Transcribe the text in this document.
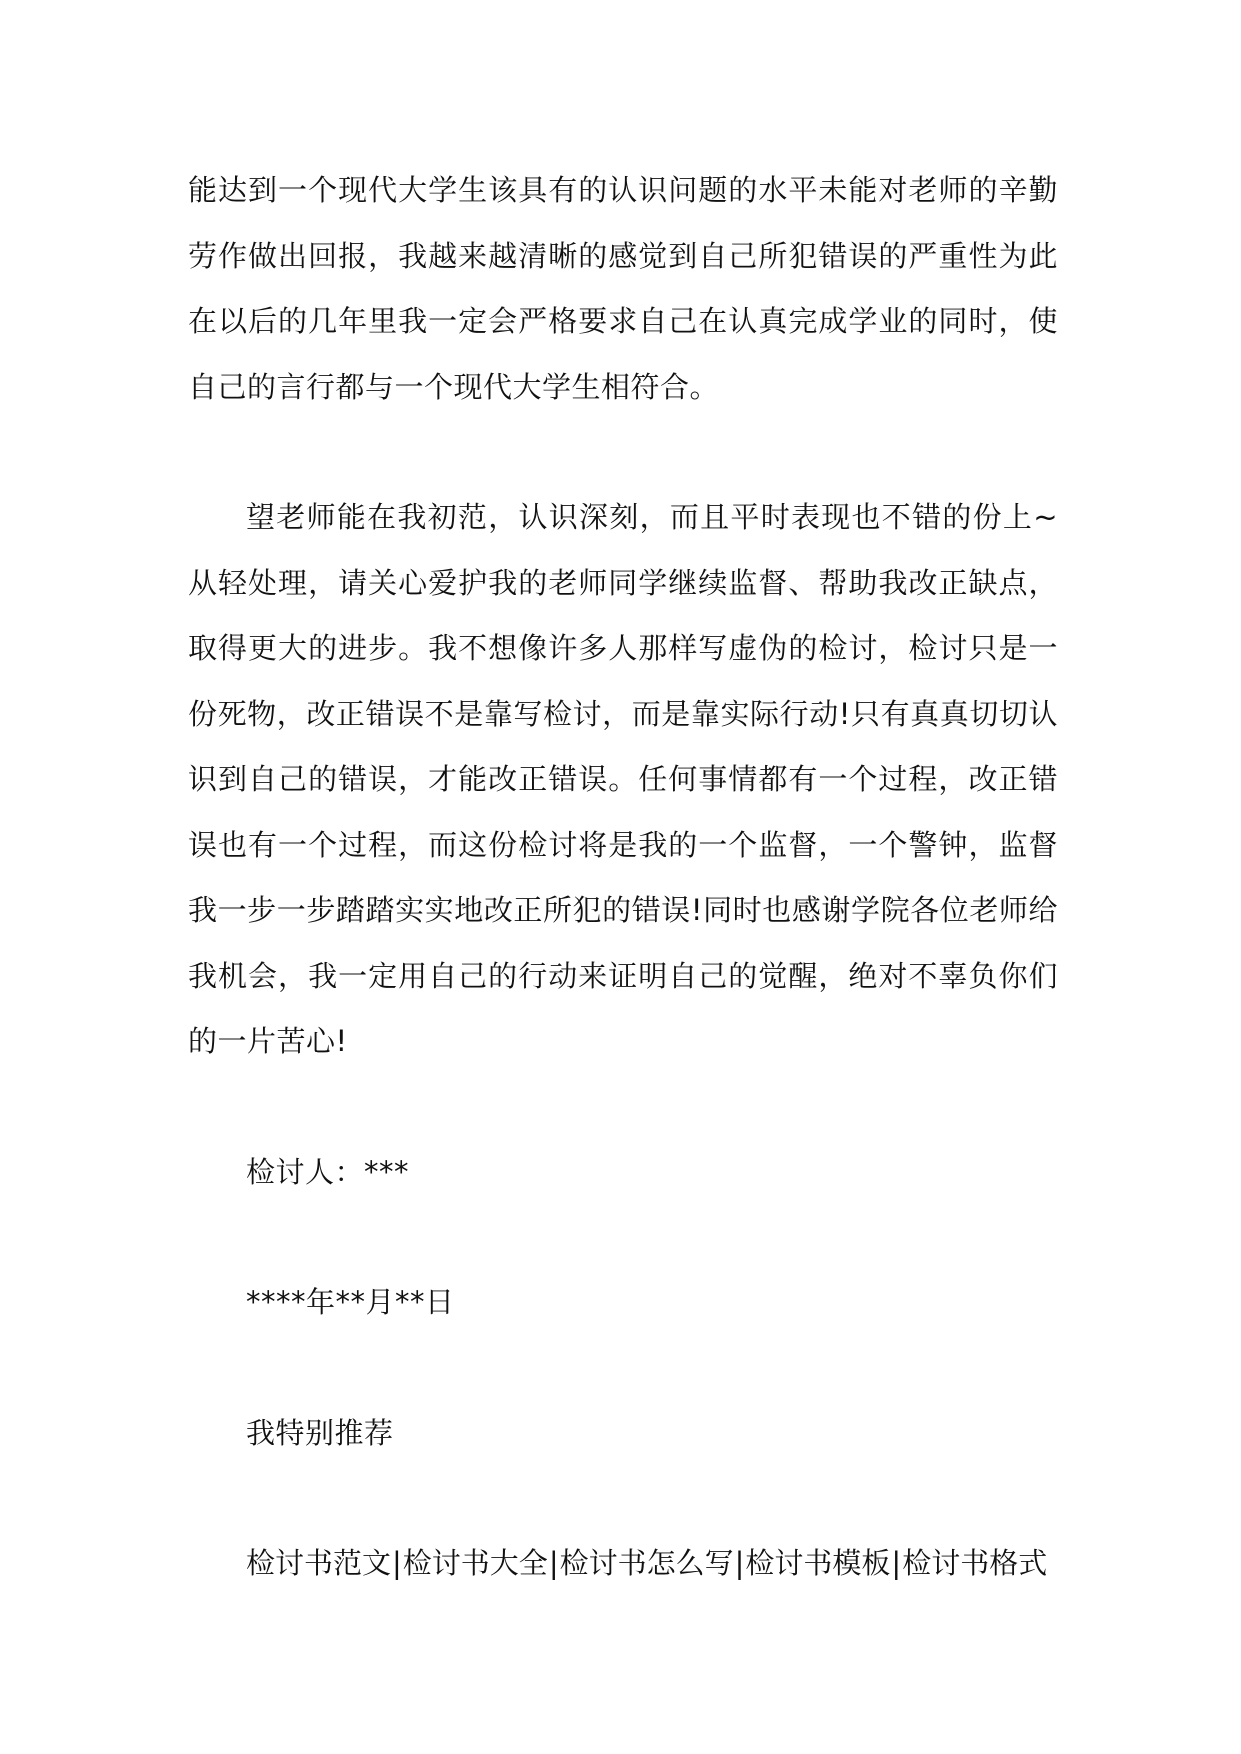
能达到一个现代大学生该具有的认识问题的水平未能对老师的辛勤劳作做出回报，我越来越清晰的感觉到自己所犯错误的严重性为此在以后的几年里我一定会严格要求自己在认真完成学业的同时，使自己的言行都与一个现代大学生相符合。

望老师能在我初范，认识深刻，而且平时表现也不错的份上~从轻处理，请关心爱护我的老师同学继续监督、帮助我改正缺点，取得更大的进步。我不想像许多人那样写虚伪的检讨，检讨只是一份死物，改正错误不是靠写检讨，而是靠实际行动!只有真真切切认识到自己的错误，才能改正错误。任何事情都有一个过程，改正错误也有一个过程，而这份检讨将是我的一个监督，一个警钟，监督我一步一步踏踏实实地改正所犯的错误!同时也感谢学院各位老师给我机会，我一定用自己的行动来证明自己的觉醒，绝对不辜负你们的一片苦心!

检讨人：***

****年**月**日

我特别推荐

检讨书范文|检讨书大全|检讨书怎么写|检讨书模板|检讨书格式
